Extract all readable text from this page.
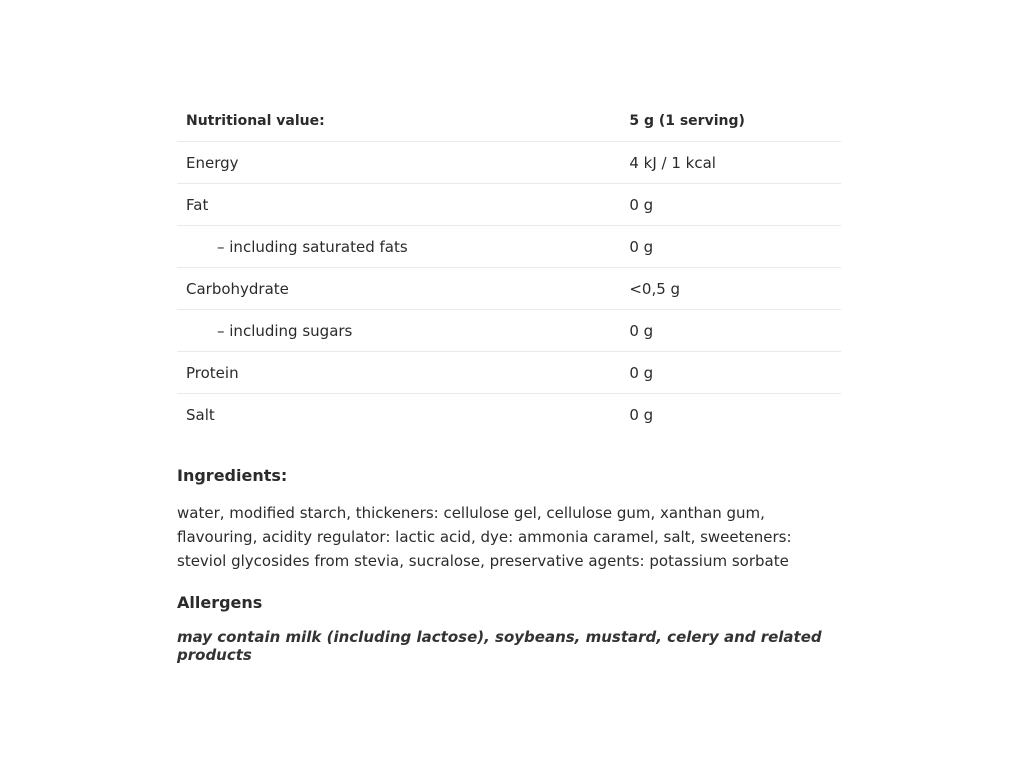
Nutritional value:	5 g (1 serving)
Energy	4 kJ / 1 kcal
Fat	0 g
– including saturated fats	0 g
Carbohydrate	<0,5 g
– including sugars	0 g
Protein	0 g
Salt	0 g
Ingredients:

water, modified starch, thickeners: cellulose gel, cellulose gum, xanthan gum, flavouring, acidity regulator: lactic acid, dye: ammonia caramel, salt, sweeteners: steviol glycosides from stevia, sucralose, preservative agents: potassium sorbate

Allergens

may contain milk (including lactose), soybeans, mustard, celery and related products
